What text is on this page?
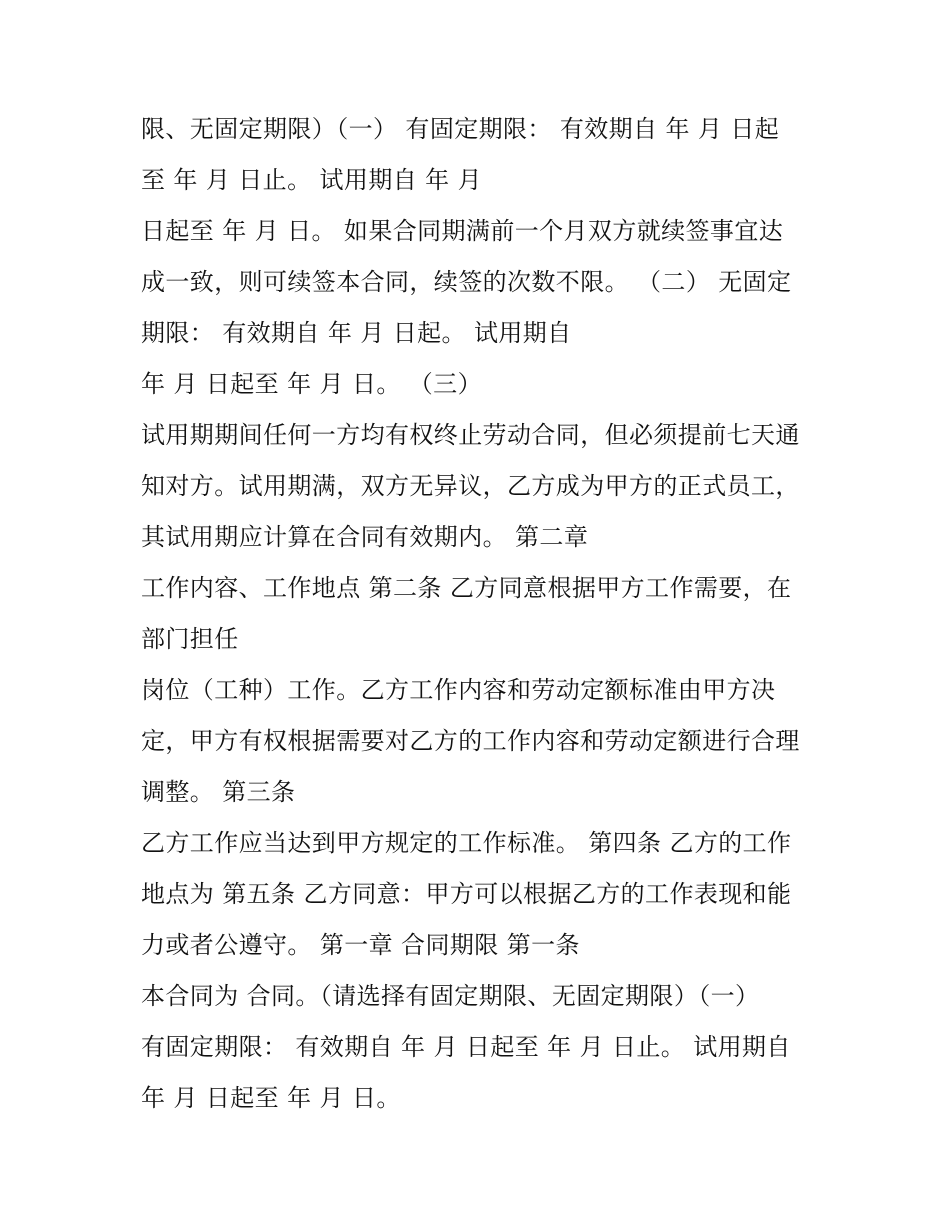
限、无固定期限）（一） 有固定期限： 有效期自 年 月 日起
至 年 月 日止。 试用期自 年 月
日起至 年 月 日。 如果合同期满前一个月双方就续签事宜达
成一致，则可续签本合同，续签的次数不限。 （二） 无固定
期限： 有效期自 年 月 日起。 试用期自
年 月 日起至 年 月 日。 （三）
试用期期间任何一方均有权终止劳动合同，但必须提前七天通
知对方。试用期满，双方无异议，乙方成为甲方的正式员工，
其试用期应计算在合同有效期内。 第二章
工作内容、工作地点 第二条 乙方同意根据甲方工作需要，在
部门担任
岗位（工种）工作。乙方工作内容和劳动定额标准由甲方决
定，甲方有权根据需要对乙方的工作内容和劳动定额进行合理
调整。 第三条
乙方工作应当达到甲方规定的工作标准。 第四条 乙方的工作
地点为 第五条 乙方同意：甲方可以根据乙方的工作表现和能
力或者公遵守。 第一章 合同期限 第一条
本合同为 合同。（请选择有固定期限、无固定期限）（一）
有固定期限： 有效期自 年 月 日起至 年 月 日止。 试用期自
年 月 日起至 年 月 日。
